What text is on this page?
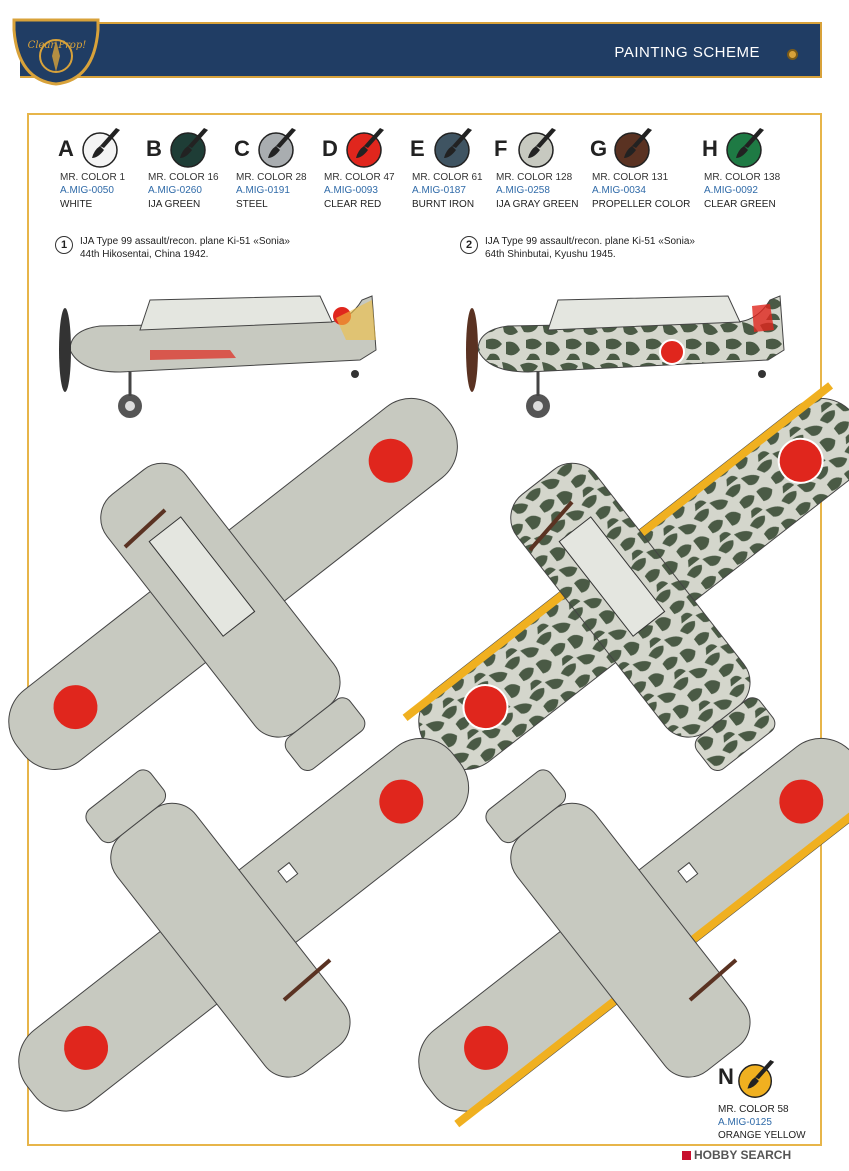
PAINTING SCHEME
Clear Prop!
A
MR. COLOR 1
A.MIG-0050
WHITE
B
MR. COLOR 16
A.MIG-0260
IJA GREEN
C
MR. COLOR 28
A.MIG-0191
STEEL
D
MR. COLOR 47
A.MIG-0093
CLEAR RED
E
MR. COLOR 61
A.MIG-0187
BURNT IRON
F
MR. COLOR 128
A.MIG-0258
IJA GRAY GREEN
G
MR. COLOR 131
A.MIG-0034
PROPELLER COLOR
H
MR. COLOR 138
A.MIG-0092
CLEAR GREEN
1	IJA Type 99 assault/recon. plane Ki-51 «Sonia»
44th Hikosentai, China 1942.
2	IJA Type 99 assault/recon. plane Ki-51 «Sonia»
64th Shinbutai, Kyushu 1945.
N
MR. COLOR 58
A.MIG-0125
ORANGE YELLOW
HOBBY SEARCH
